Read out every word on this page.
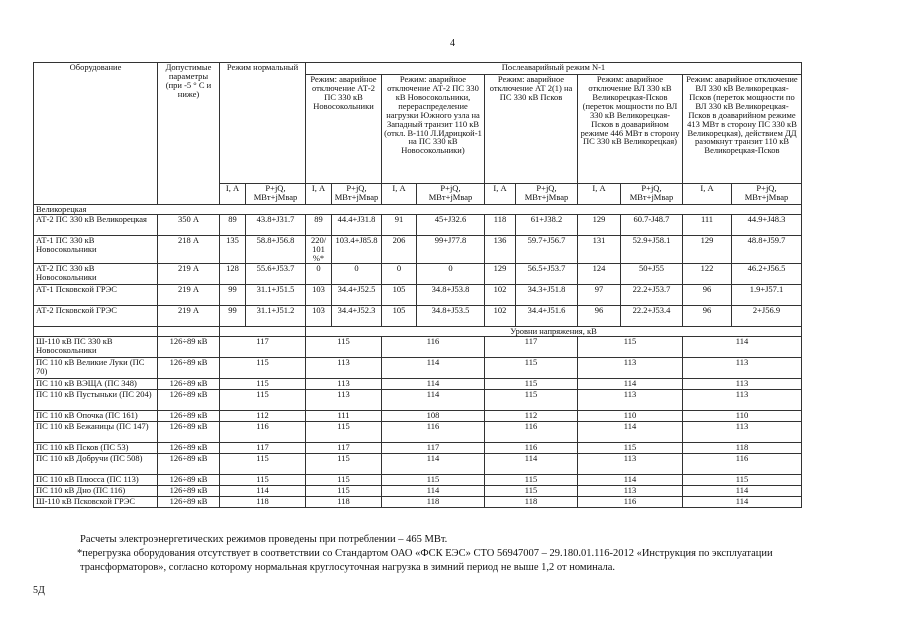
4
Оборудование	Допустимые параметры (при -5 ° С и ниже)	Режим нормальный		Послеаварийный режим N-1									
				Режим: аварийное отключение АТ-2 ПС 330 кВ Новосокольники		Режим: аварийное отключение АТ-2 ПС 330 кВ Новосокольники, перераспределение нагрузки Южного узла на Западный транзит 110 кВ (откл. В-110 Л.Идрицкой-1 на ПС 330 кВ Новосокольники)		Режим: аварийное отключение АТ 2(1) на ПС 330 кВ Псков		Режим: аварийное отключение ВЛ 330 кВ Великорецкая-Псков (переток мощности по ВЛ 330 кВ Великорецкая-Псков в доаварийном режиме 446 МВт в сторону ПС 330 кВ Великорецкая)		Режим: аварийное отключение ВЛ 330 кВ Великорецкая-Псков (переток мощности по ВЛ 330 кВ Великорецкая-Псков в доаварийном режиме 413 МВт в сторону ПС 330 кВ Великорецкая), действием ДД разомкнут транзит 110 кВ Великорецкая-Псков	
		I, А	P+jQ, МВт+jМвар	I, А	P+jQ, МВт+jМвар	I, А	P+jQ, МВт+jМвар	I, А	P+jQ, МВт+jМвар	I, А	P+jQ, МВт+jМвар	I, А	P+jQ, МВт+jМвар
Великорецкая													
АТ-2 ПС 330 кВ Великорецкая	350 А	89	43.8+J31.7	89	44.4+J31.8	91	45+J32.6	118	61+J38.2	129	60.7-J48.7	111	44.9+J48.3
АТ-1 ПС 330 кВ Новосокольники	218 А	135	58.8+J56.8	220/ 101 %*	103.4+J85.8	206	99+J77.8	136	59.7+J56.7	131	52.9+J58.1	129	48.8+J59.7
АТ-2 ПС 330 кВ Новосокольники	219 А	128	55.6+J53.7	0	0	0	0	129	56.5+J53.7	124	50+J55	122	46.2+J56.5
АТ-1 Псковской ГРЭС	219 А	99	31.1+J51.5	103	34.4+J52.5	105	34.8+J53.8	102	34.3+J51.8	97	22.2+J53.7	96	1.9+J57.1
АТ-2 Псковской ГРЭС	219 А	99	31.1+J51.2	103	34.4+J52.3	105	34.8+J53.5	102	34.4+J51.6	96	22.2+J53.4	96	2+J56.9
				Уровни напряжения, кВ									
Ш-110 кВ ПС 330 кВ Новосокольники	126÷89 кВ	117		115		116		117		115		114	
ПС 110 кВ Великие Луки (ПС 70)	126÷89 кВ	115		113		114		115		113		113	
ПС 110 кВ ВЭЩА (ПС 348)	126÷89 кВ	115		113		114		115		114		113	
ПС 110 кВ Пустыньки (ПС 204)	126÷89 кВ	115		113		114		115		113		113	
ПС 110 кВ Опочка (ПС 161)	126÷89 кВ	112		111		108		112		110		110	
ПС 110 кВ Бежаницы (ПС 147)	126÷89 кВ	116		115		116		116		114		113	
ПС 110 кВ Псков (ПС 53)	126÷89 кВ	117		117		117		116		115		118	
ПС 110 кВ Добручи (ПС 508)	126÷89 кВ	115		115		114		114		113		116	
ПС 110 кВ Плюсса (ПС 113)	126÷89 кВ	115		115		115		115		114		115	
ПС 110 кВ Дно (ПС 116)	126÷89 кВ	114		115		114		115		113		114	
Ш-110 кВ Псковской ГРЭС	126÷89 кВ	118		118		118		118		116		114	

Расчеты электроэнергетических режимов проведены при потреблении – 465 МВт.

*перегрузка оборудования отсутствует в соответствии со Стандартом ОАО «ФСК ЕЭС» СТО 56947007 – 29.180.01.116-2012 «Инструкция по эксплуатации трансформаторов», согласно которому нормальная круглосуточная нагрузка в зимний период не выше 1,2 от номинала.

5Д
